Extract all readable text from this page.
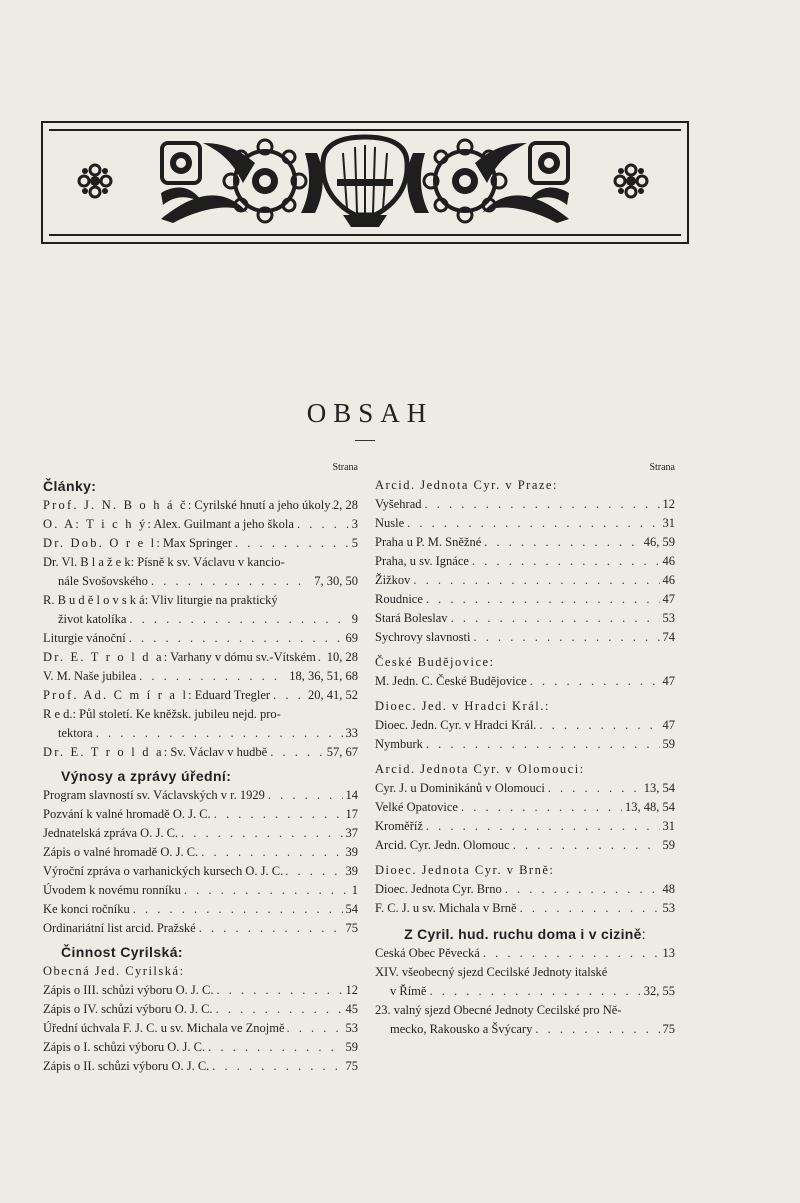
OBSAH
Strana
Články:
Prof. J. N. B o h á č: Cyrilské hnutí a jeho úkoly . . . 2, 28
O. A: T i c h ý: Alex. Guilmant a jeho škola . . .	3
Dr. Dob. O r e l: Max Springer . . .	5
Dr. Vl. B l a ž e k: Písně k sv. Václavu v kancio-
nále Svošovského . . .	7, 30, 50
R. B u d ě l o v s k á: Vliv liturgie na praktický
život katolíka . . .	9
Liturgie vánoční . . .	69
Dr. E. T r o l d a: Varhany v dómu sv.-Vítském . . . 10, 28
V. M. Naše jubilea . . .	18, 36, 51, 68
Prof. Ad. C m í r a l: Eduard Tregler . . .	20, 41, 52
R e d.: Půl století. Ke kněžsk. jubileu nejd. pro-
tektora . . .	33
Dr. E. T r o l d a: Sv. Václav v hudbě . . .	57, 67
Výnosy a zprávy úřední:
Program slavností sv. Václavských v r. 1929 . . .	14
Pozvání k valné hromadě O. J. C. . . .	17
Jednatelská zpráva O. J. C. . . .	37
Zápis o valné hromadě O. J. C. . . .	39
Výroční zpráva o varhanických kursech O. J. C. . . .	39
Úvodem k novému ronníku . . .	1
Ke konci ročníku . . .	54
Ordinariátní list arcid. Pražské . . .	75
Činnost Cyrilská:
Obecná Jed. Cyrilská:
Zápis o III. schůzi výboru O. J. C. . . .	12
Zápis o IV. schůzi výboru O. J. C. . . .	45
Úřední úchvala F. J. C. u sv. Michala ve Znojmě . . .	53
Zápis o I. schůzi výboru O. J. C. . . .	59
Zápis o II. schůzi výboru O. J. C. . . .	75
Strana
Arcid. Jednota Cyr. v Praze:
Vyšehrad . . .	12
Nusle . . .	31
Praha u P. M. Sněžné . . .	46, 59
Praha, u sv. Ignáce . . .	46
Žižkov . . .	46
Roudnice . . .	47
Stará Boleslav . . .	53
Sychrovy slavnosti . . .	74
České Budějovice:
M. Jedn. C. České Budějovice . . .	47
Dioec. Jed. v Hradci Král.:
Dioec. Jedn. Cyr. v Hradci Král. . . .	47
Nymburk . . .	59
Arcid. Jednota Cyr. v Olomouci:
Cyr. J. u Dominikánů v Olomouci . . .	13, 54
Velké Opatovice . . .	13, 48, 54
Kroměříž . . .	31
Arcid. Cyr. Jedn. Olomouc . . .	59
Dioec. Jednota Cyr. v Brně:
Dioec. Jednota Cyr. Brno . . .	48
F. C. J. u sv. Michala v Brně . . .	53
Z Cyril. hud. ruchu doma i v cizině:
Ceská Obec Pěvecká . . .	13
XIV. všeobecný sjezd Cecilské Jednoty italské
v Římě . . .	32, 55
23. valný sjezd Obecné Jednoty Cecilské pro Ně-
mecko, Rakousko a Švýcary . . .	75
